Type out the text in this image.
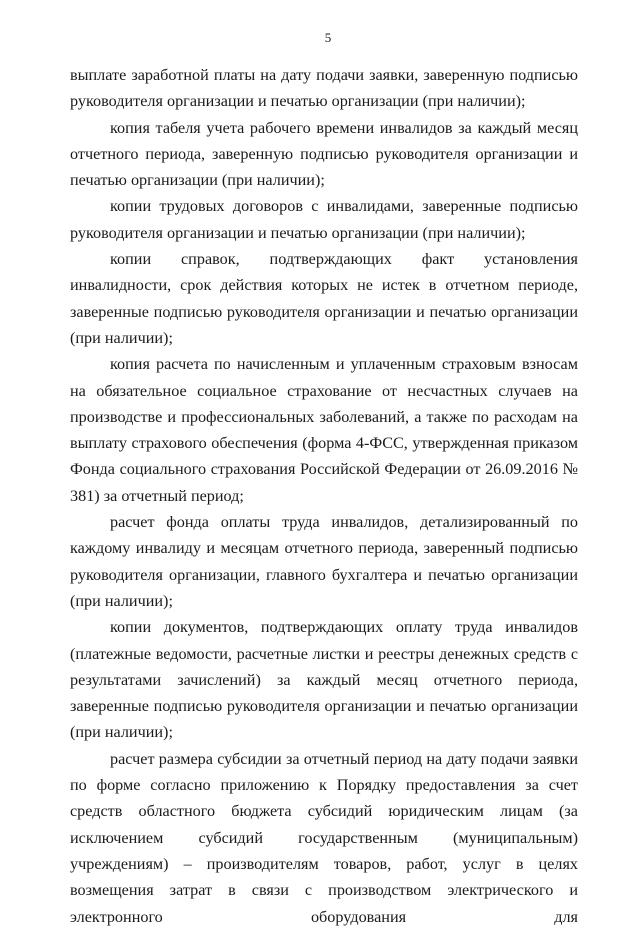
5

выплате заработной платы на дату подачи заявки, заверенную подписью руководителя организации и печатью организации (при наличии);

копия табеля учета рабочего времени инвалидов за каждый месяц отчетного периода, заверенную подписью руководителя организации и печатью организации (при наличии);

копии трудовых договоров с инвалидами, заверенные подписью руководителя организации и печатью организации (при наличии);

копии справок, подтверждающих факт установления инвалидности, срок действия которых не истек в отчетном периоде, заверенные подписью руководителя организации и печатью организации (при наличии);

копия расчета по начисленным и уплаченным страховым взносам на обязательное социальное страхование от несчастных случаев на производстве и профессиональных заболеваний, а также по расходам на выплату страхового обеспечения (форма 4-ФСС, утвержденная приказом Фонда социального страхования Российской Федерации от 26.09.2016 № 381) за отчетный период;

расчет фонда оплаты труда инвалидов, детализированный по каждому инвалиду и месяцам отчетного периода, заверенный подписью руководителя организации, главного бухгалтера и печатью организации (при наличии);

копии документов, подтверждающих оплату труда инвалидов (платежные ведомости, расчетные листки и реестры денежных средств с результатами зачислений) за каждый месяц отчетного периода, заверенные подписью руководителя организации и печатью организации (при наличии);

расчет размера субсидии за отчетный период на дату подачи заявки по форме согласно приложению к Порядку предоставления за счет средств областного бюджета субсидий юридическим лицам (за исключением субсидий государственным (муниципальным) учреждениям) – производителям товаров, работ, услуг в целях возмещения затрат в связи с производством электрического и электронного оборудования для
